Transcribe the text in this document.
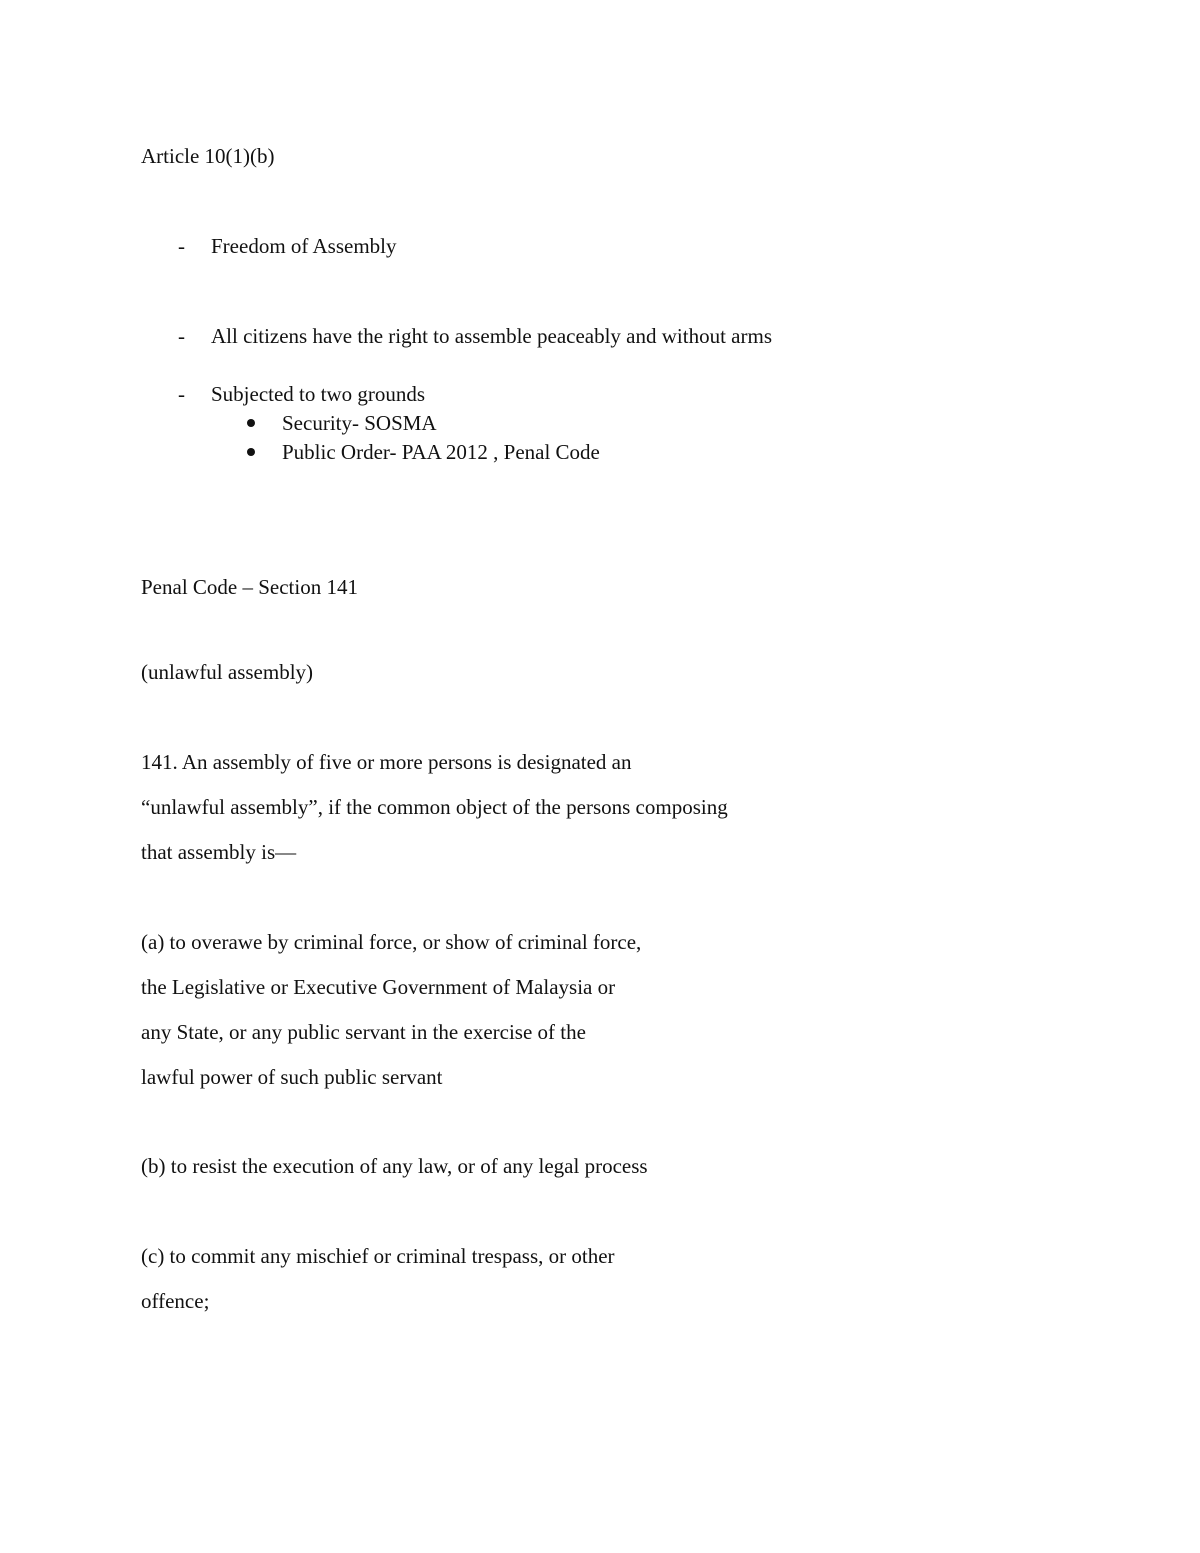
Article 10(1)(b)
- Freedom of Assembly
- All citizens have the right to assemble peaceably and without arms
- Subjected to two grounds
Security- SOSMA
Public Order- PAA 2012 , Penal Code
Penal Code – Section 141
(unlawful assembly)
141. An assembly of five or more persons is designated an
“unlawful assembly”, if the common object of the persons composing
that assembly is—
(a) to overawe by criminal force, or show of criminal force,
the Legislative or Executive Government of Malaysia or
any State, or any public servant in the exercise of the
lawful power of such public servant
(b) to resist the execution of any law, or of any legal process
(c) to commit any mischief or criminal trespass, or other
offence;
